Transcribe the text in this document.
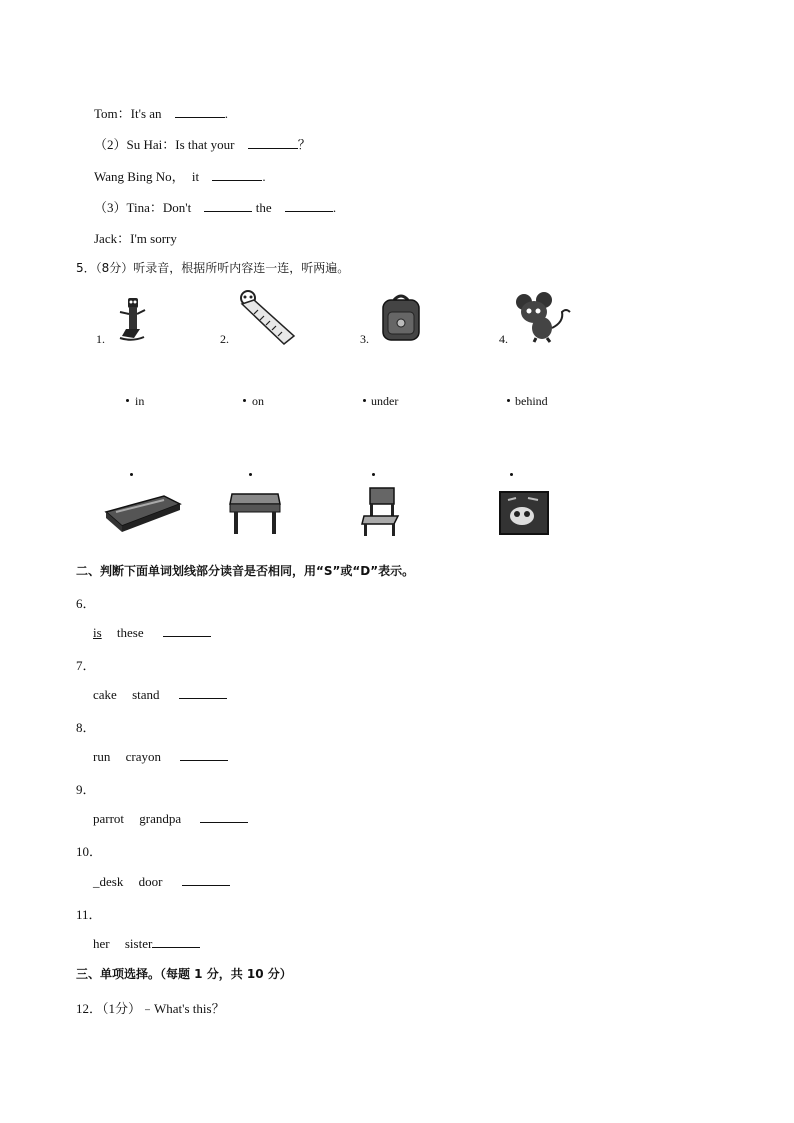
Tom：It's an	.
（2）Su Hai：Is that your	？
Wang Bing No， it	.
（3）Tina：Don't	the	.
Jack：I'm sorry
5．（8分）听录音，根据所听内容连一连，听两遍。
1.	2.	3.	4.
in	on	under	behind
二、判断下面单词划线部分读音是否相同，用“S”或“D”表示。
6．
is these
7．
cake stand
8．
run crayon
9．
parrot grandpa
10．
_desk door
11．
her sister
三、单项选择。（每题 1 分，共 10 分）
12．（1分）﹣What's this？
